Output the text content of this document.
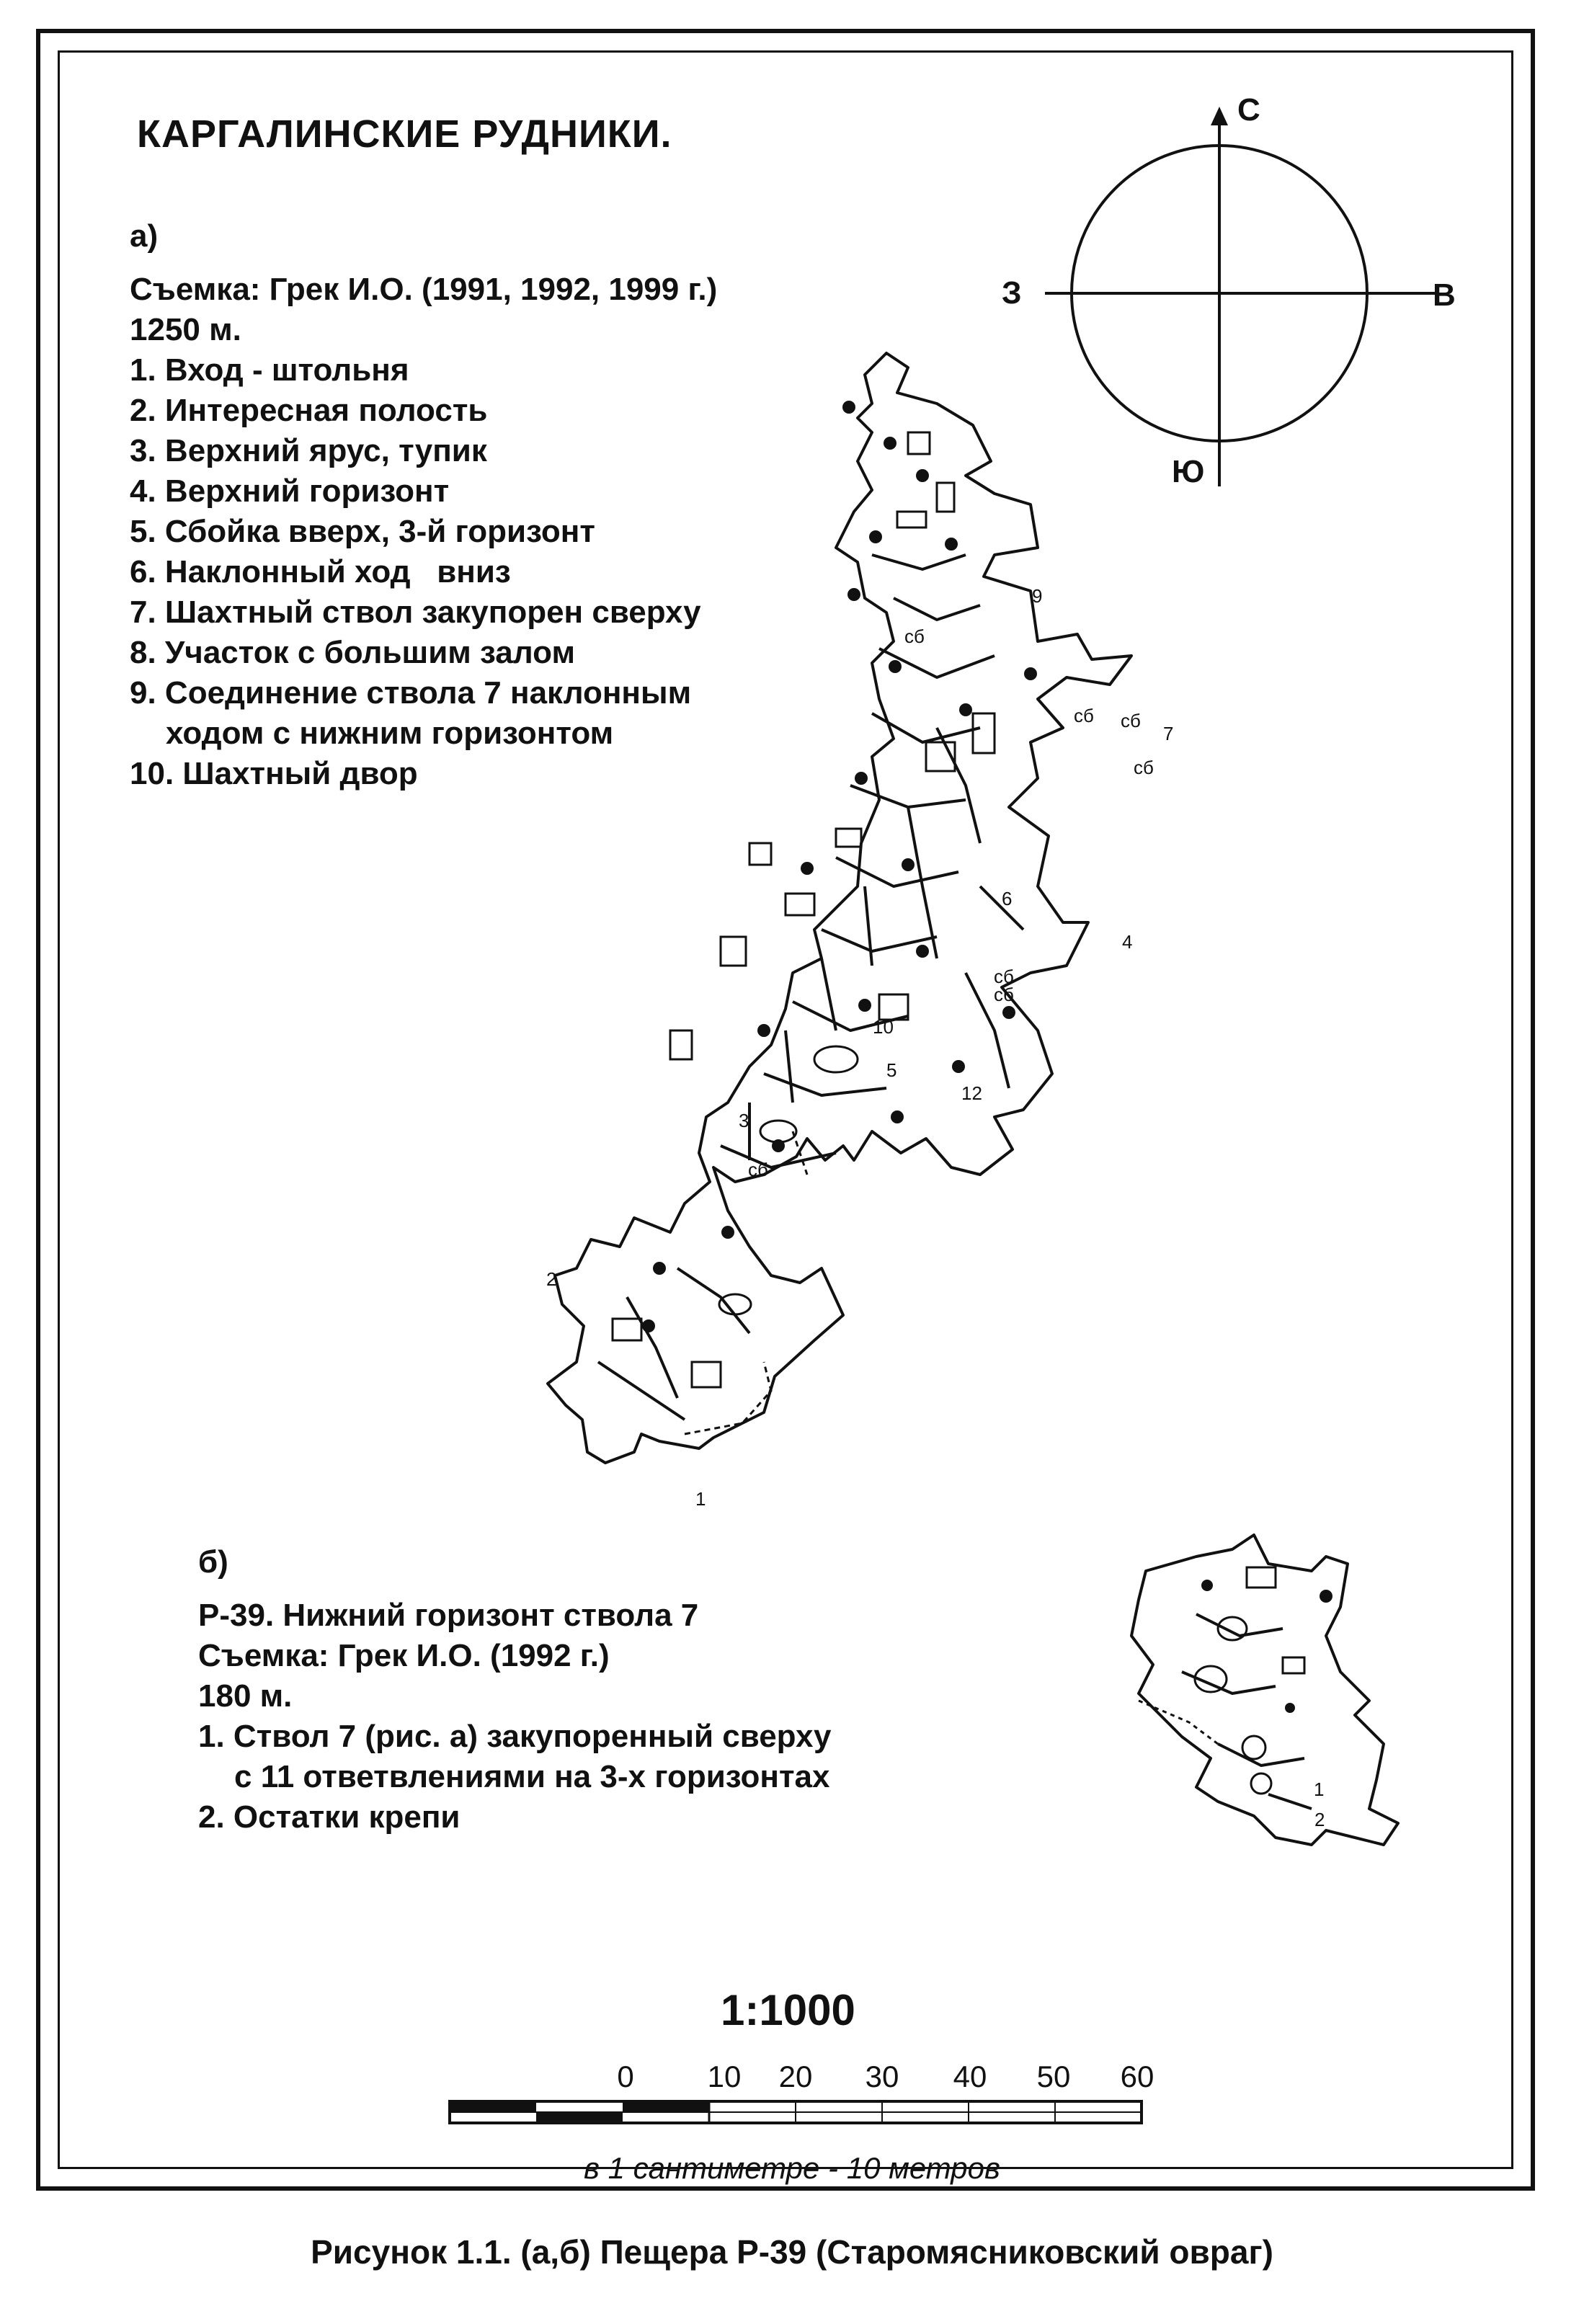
КАРГАЛИНСКИЕ РУДНИКИ.
а)
Съемка: Грек И.О. (1991, 1992, 1999 г.)
1250 м.
1. Вход - штольня
2. Интересная полость
3. Верхний ярус, тупик
4. Верхний горизонт
5. Сбойка вверх, 3-й горизонт
6. Наклонный ход   вниз
7. Шахтный ствол закупорен сверху
8. Участок с большим залом
9. Соединение ствола 7 наклонным
ходом с нижним горизонтом
10. Шахтный двор
б)
Р-39. Нижний горизонт ствола 7
Съемка: Грек И.О. (1992 г.)
180 м.
1. Ствол 7 (рис. а) закупоренный сверху
с 11 ответвлениями на 3-х горизонтах
2. Остатки крепи
С
Ю
З	В
1
2
3
4
5
6
7
9
10
12
сб
сб
сб
сб
сб
сб
сб
1
2
1:1000
0	10	20	30	40	50	60
в 1 сантиметре - 10 метров
Рисунок 1.1. (а,б) Пещера Р-39 (Старомясниковский овраг)
